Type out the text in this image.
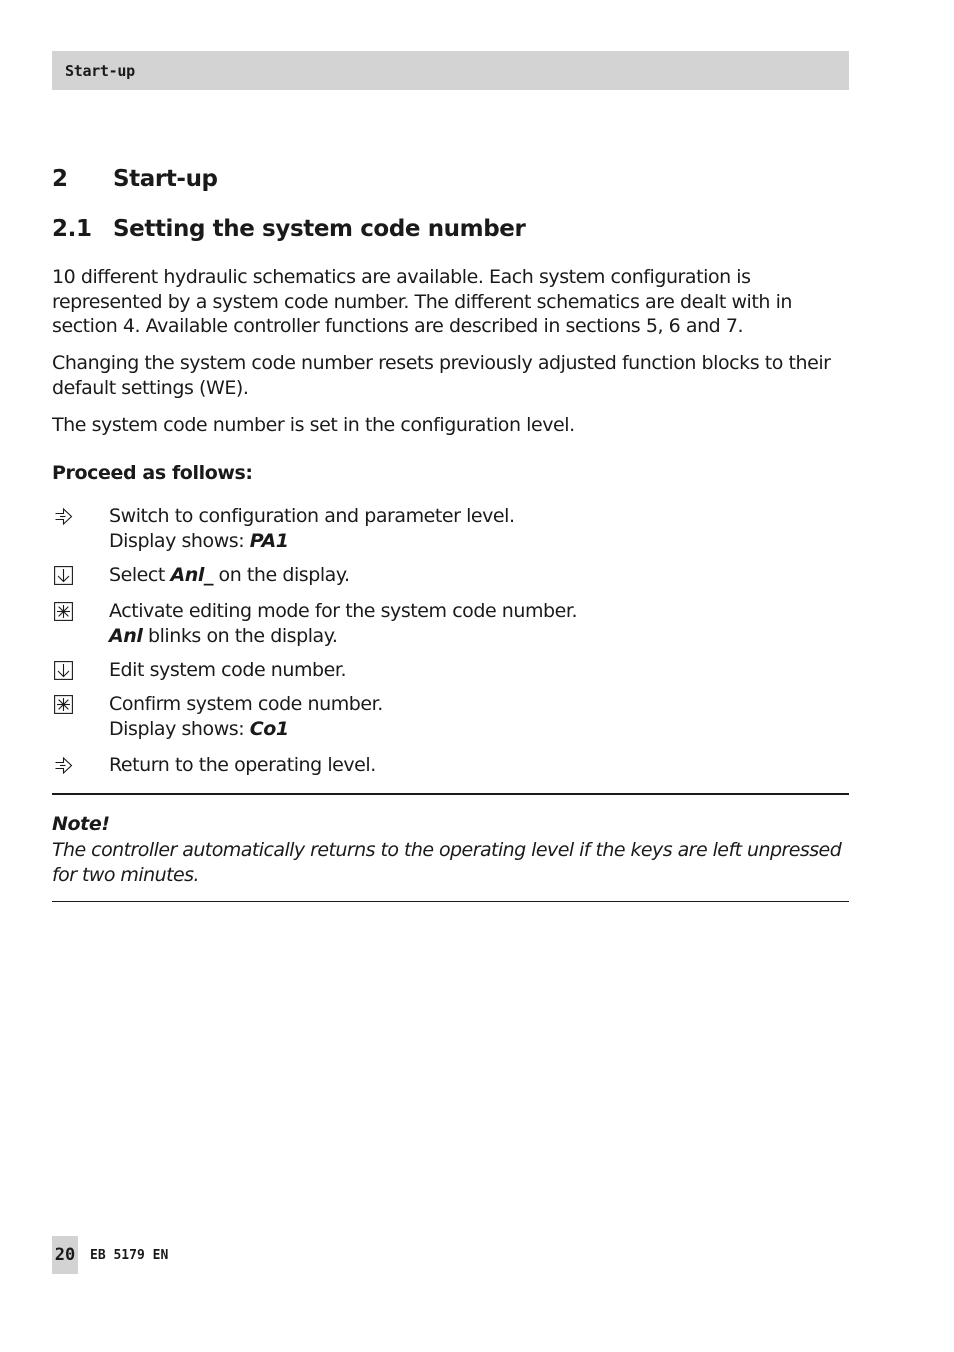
Start-up
2 Start-up
2.1 Setting the system code number

10 different hydraulic schematics are available. Each system configuration is represented by a system code number. The different schematics are dealt with in section 4. Available controller functions are described in sections 5, 6 and 7.

Changing the system code number resets previously adjusted function blocks to their default settings (WE).

The system code number is set in the configuration level.

Proceed as follows:
Switch to configuration and parameter level.
Display shows: PA1
Select Anl_ on the display.
Activate editing mode for the system code number.
Anl blinks on the display.
Edit system code number.
Confirm system code number.
Display shows: Co1
Return to the operating level.
Note!

The controller automatically returns to the operating level if the keys are left unpressed for two minutes.

20 EB 5179 EN
